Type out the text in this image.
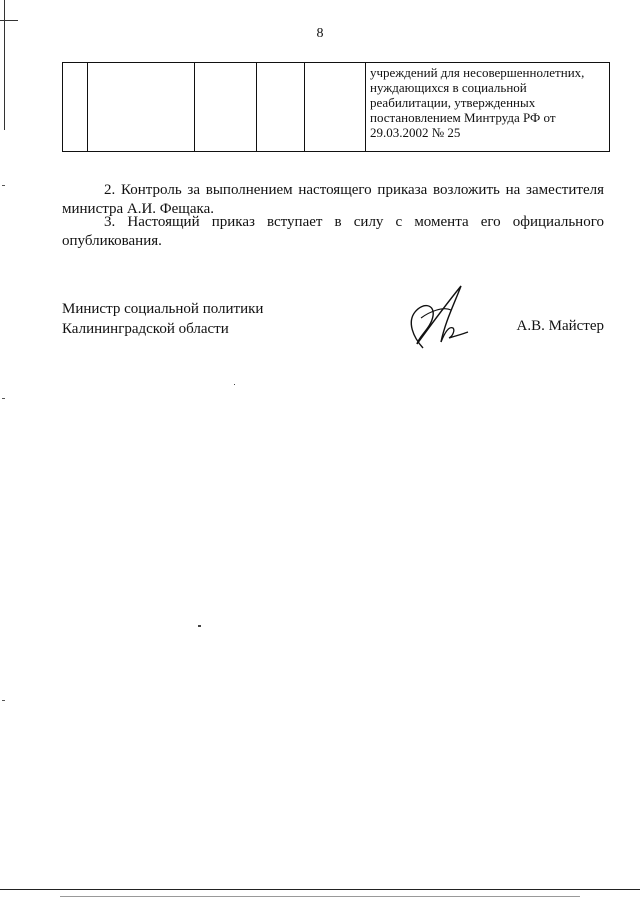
8
					учреждений для несовершеннолетних, нуждающихся в социальной реабилитации, утвержденных постановлением Минтруда РФ от 29.03.2002 № 25
2. Контроль за выполнением настоящего приказа возложить на заместителя министра А.И. Фещака.
3. Настоящий приказ вступает в силу с момента его официального опубликования.
Министр социальной политики
Калининградской области	А.В. Майстер
